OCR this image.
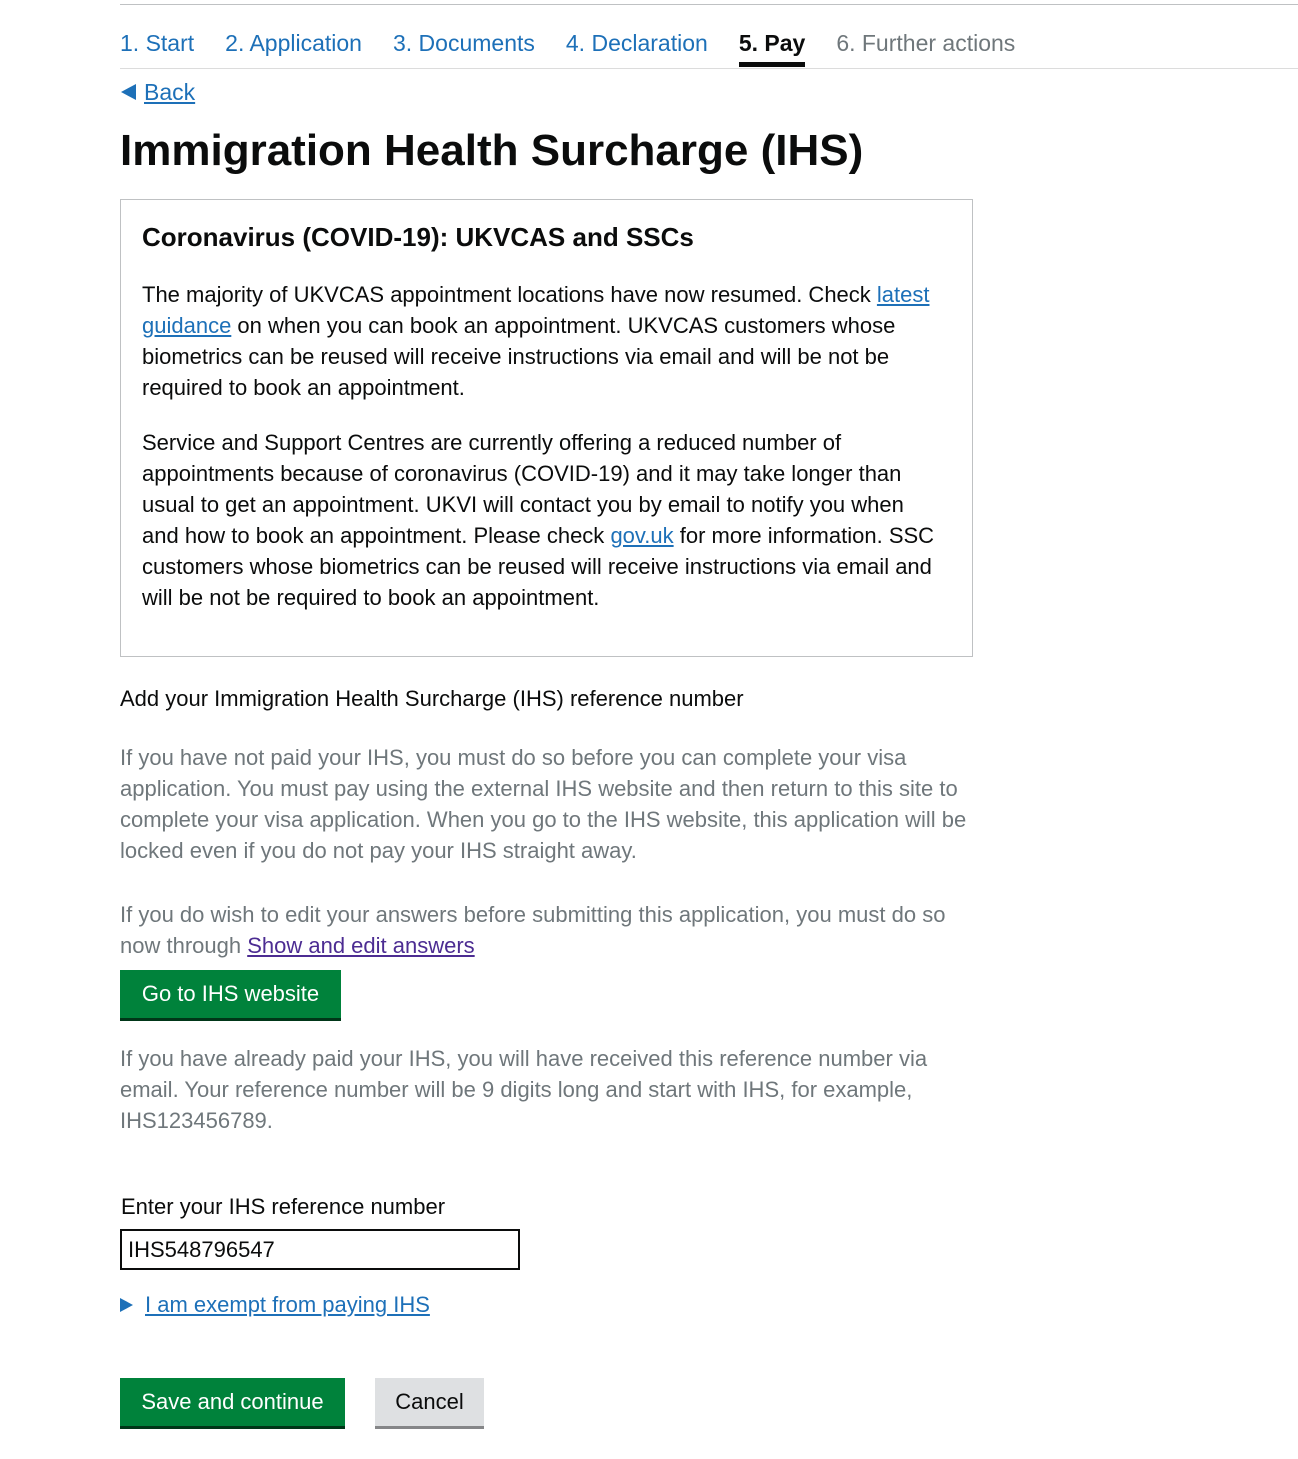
1. Start 2. Application 3. Documents 4. Declaration 5. Pay 6. Further actions
Back
Immigration Health Surcharge (IHS)
Coronavirus (COVID-19): UKVCAS and SSCs

The majority of UKVCAS appointment locations have now resumed. Check latest guidance on when you can book an appointment. UKVCAS customers whose biometrics can be reused will receive instructions via email and will be not be required to book an appointment.

Service and Support Centres are currently offering a reduced number of appointments because of coronavirus (COVID-19) and it may take longer than usual to get an appointment. UKVI will contact you by email to notify you when and how to book an appointment. Please check gov.uk for more information. SSC customers whose biometrics can be reused will receive instructions via email and will be not be required to book an appointment.

Add your Immigration Health Surcharge (IHS) reference number

If you have not paid your IHS, you must do so before you can complete your visa application. You must pay using the external IHS website and then return to this site to complete your visa application. When you go to the IHS website, this application will be locked even if you do not pay your IHS straight away.

If you do wish to edit your answers before submitting this application, you must do so now through Show and edit answers

Go to IHS website

If you have already paid your IHS, you will have received this reference number via email. Your reference number will be 9 digits long and start with IHS, for example, IHS123456789.

Enter your IHS reference number
IHS548796547
I am exempt from paying IHS
Save and continue	Cancel
